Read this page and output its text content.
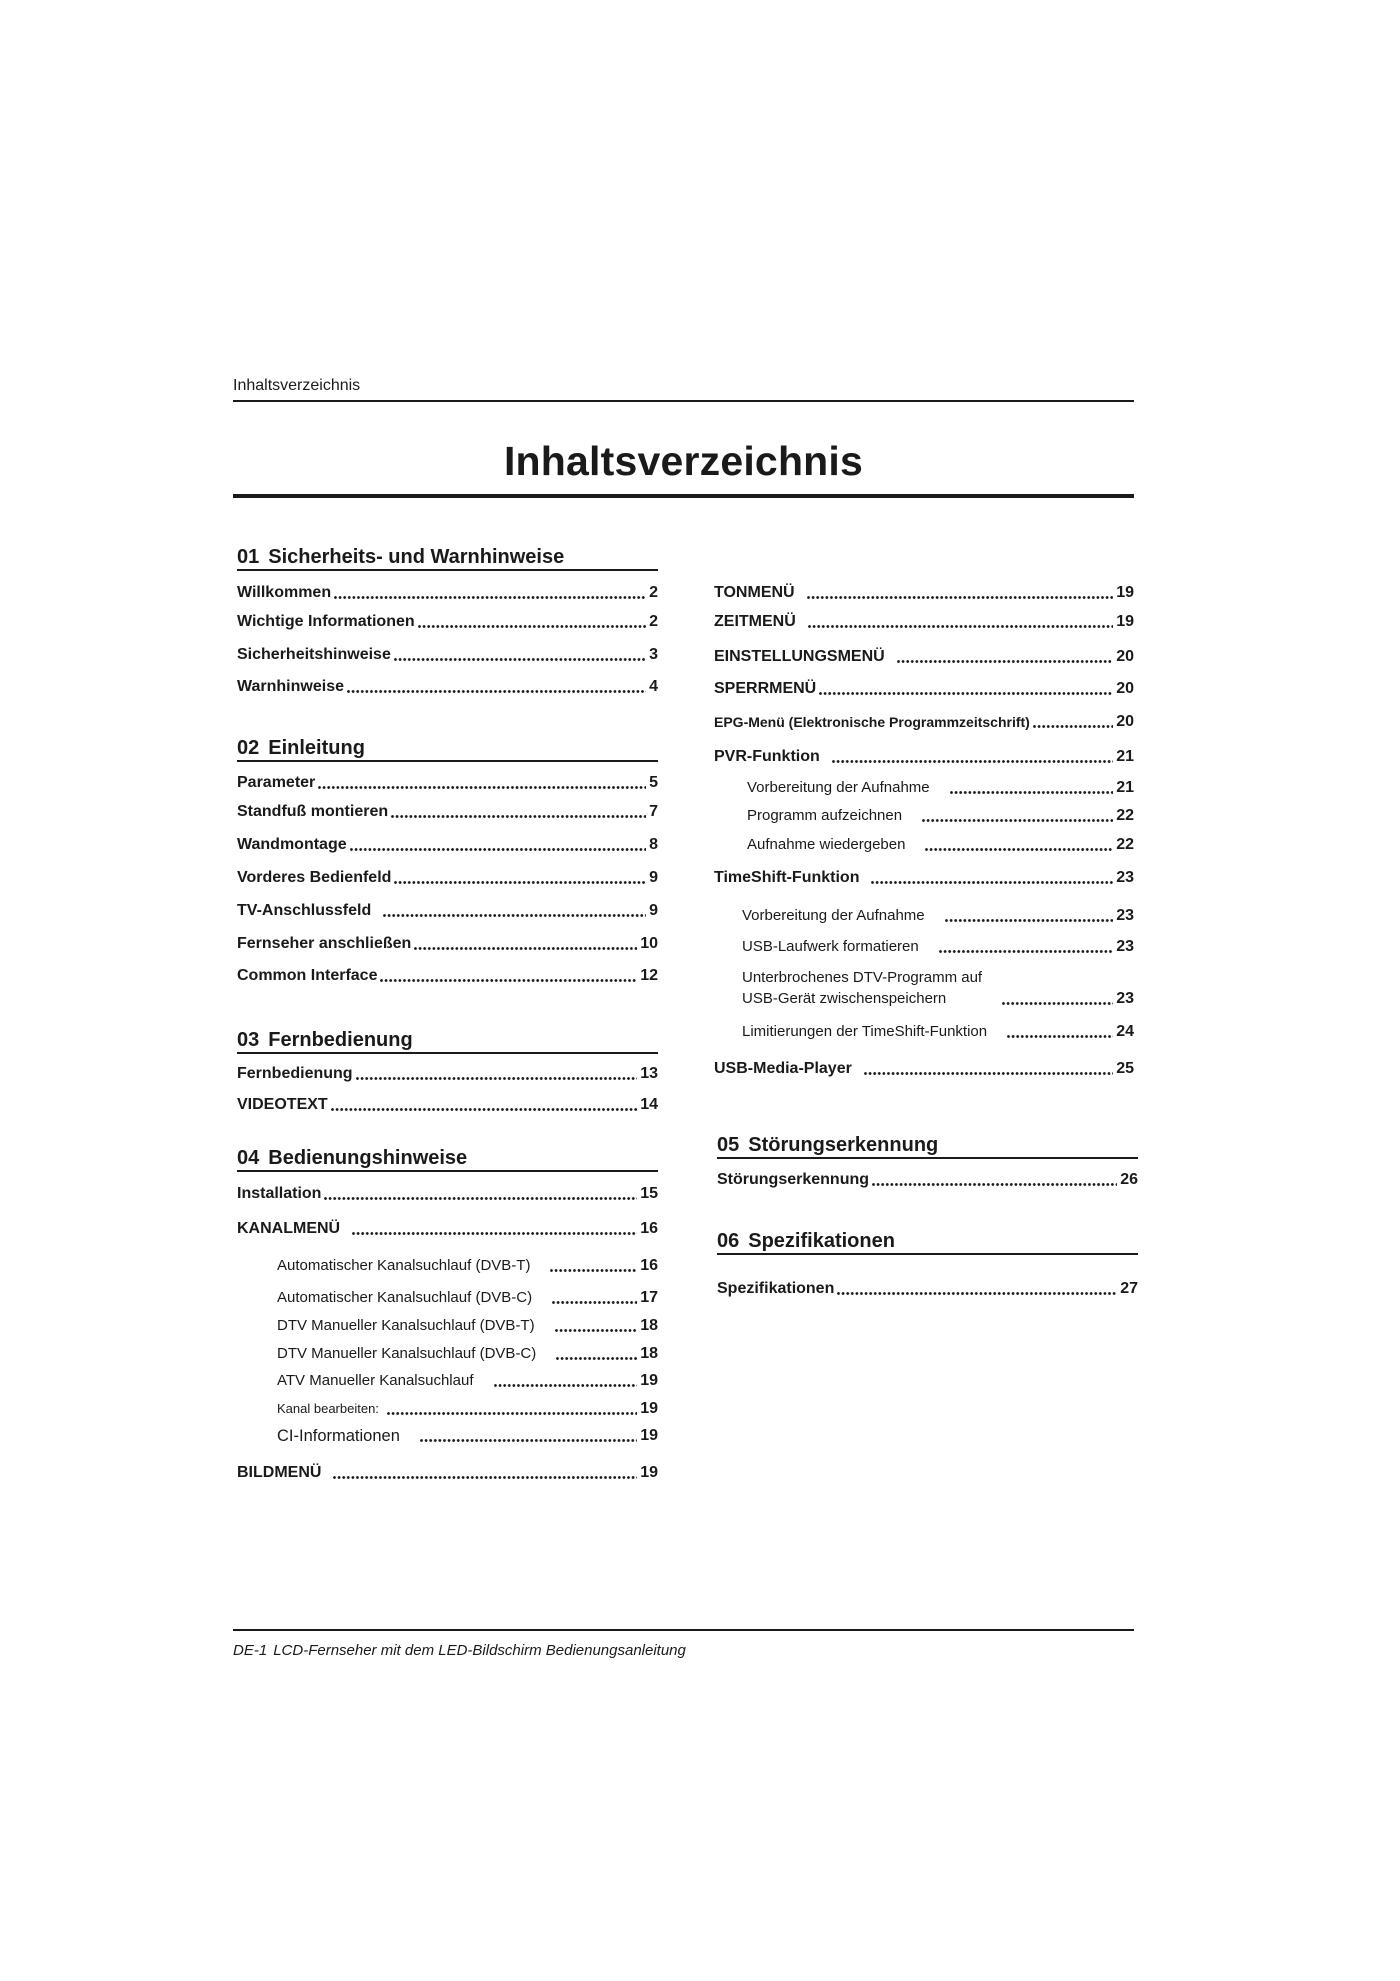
Inhaltsverzeichnis
Inhaltsverzeichnis
01 Sicherheits- und Warnhinweise
Willkommen	2
Wichtige Informationen	2
Sicherheitshinweise	3
Warnhinweise	4
02 Einleitung
Parameter	5
Standfuß montieren	7
Wandmontage	8
Vorderes Bedienfeld	9
TV-Anschlussfeld	9
Fernseher anschließen	10
Common Interface	12
03 Fernbedienung
Fernbedienung	13
VIDEOTEXT	14
04 Bedienungshinweise
Installation	15
KANALMENÜ	16
Automatischer Kanalsuchlauf (DVB-T)	16
Automatischer Kanalsuchlauf (DVB-C)	17
DTV Manueller Kanalsuchlauf (DVB-T)	18
DTV Manueller Kanalsuchlauf (DVB-C)	18
ATV Manueller Kanalsuchlauf	19
Kanal bearbeiten:	19
CI-Informationen	19
BILDMENÜ	19
TONMENÜ	19
ZEITMENÜ	19
EINSTELLUNGSMENÜ	20
SPERRMENÜ	20
EPG-Menü (Elektronische Programmzeitschrift)	20
PVR-Funktion	21
Vorbereitung der Aufnahme	21
Programm aufzeichnen	22
Aufnahme wiedergeben	22
TimeShift-Funktion	23
Vorbereitung der Aufnahme	23
USB-Laufwerk formatieren	23
Unterbrochenes DTV-Programm auf
USB-Gerät zwischenspeichern	23
Limitierungen der TimeShift-Funktion	24
USB-Media-Player	25
05 Störungserkennung
Störungserkennung	26
06 Spezifikationen
Spezifikationen	27
DE-1 LCD-Fernseher mit dem LED-Bildschirm Bedienungsanleitung
